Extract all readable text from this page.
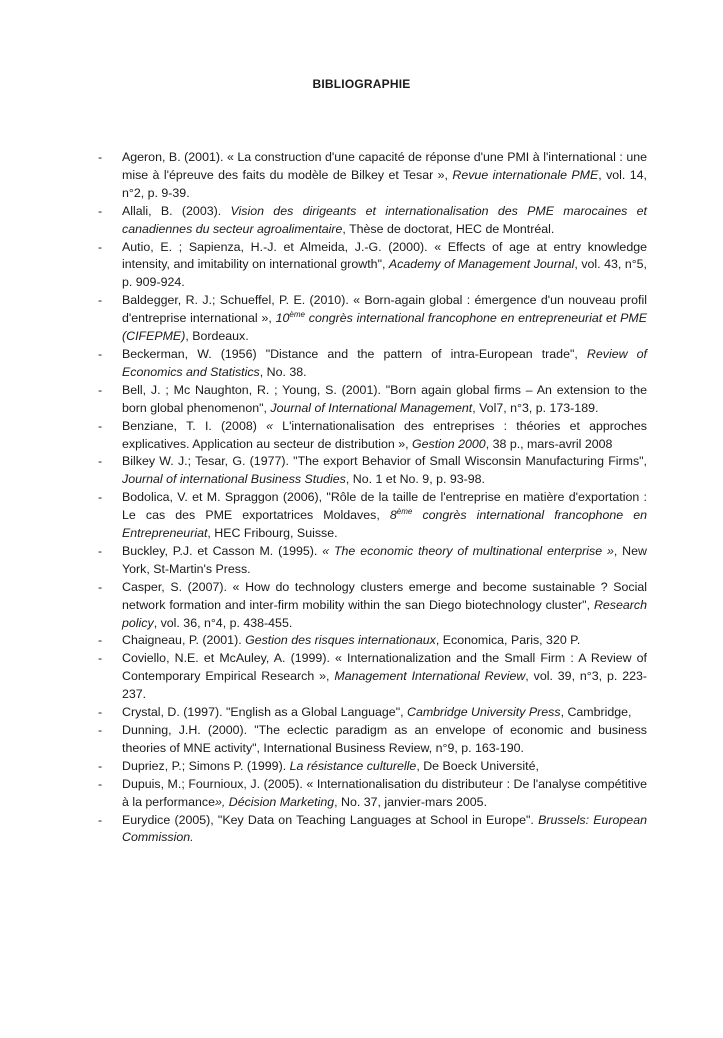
BIBLIOGRAPHIE
-	Ageron, B. (2001). « La construction d'une capacité de réponse d'une PMI à l'international : une mise à l'épreuve des faits du modèle de Bilkey et Tesar », Revue internationale PME, vol. 14, n°2, p. 9-39.
-	Allali, B. (2003). Vision des dirigeants et internationalisation des PME marocaines et canadiennes du secteur agroalimentaire, Thèse de doctorat, HEC de Montréal.
-	Autio, E. ; Sapienza, H.-J. et Almeida, J.-G. (2000). « Effects of age at entry knowledge intensity, and imitability on international growth", Academy of Management Journal, vol. 43, n°5, p. 909-924.
-	Baldegger, R. J.; Schueffel, P. E. (2010). « Born-again global : émergence d'un nouveau profil d'entreprise international », 10ème congrès international francophone en entrepreneuriat et PME (CIFEPME), Bordeaux.
-	Beckerman, W. (1956) "Distance and the pattern of intra-European trade", Review of Economics and Statistics, No. 38.
-	Bell, J. ; Mc Naughton, R. ; Young, S. (2001). "Born again global firms – An extension to the born global phenomenon", Journal of International Management, Vol7, n°3, p. 173-189.
-	Benziane, T. I. (2008) « L'internationalisation des entreprises : théories et approches explicatives. Application au secteur de distribution », Gestion 2000, 38 p., mars-avril 2008
-	Bilkey W. J.; Tesar, G. (1977). "The export Behavior of Small Wisconsin Manufacturing Firms", Journal of international Business Studies, No. 1 et No. 9, p. 93-98.
-	Bodolica, V. et M. Spraggon (2006), "Rôle de la taille de l'entreprise en matière d'exportation : Le cas des PME exportatrices Moldaves, 8ème congrès international francophone en Entrepreneuriat, HEC Fribourg, Suisse.
-	Buckley, P.J. et Casson M. (1995). « The economic theory of multinational enterprise », New York, St-Martin's Press.
-	Casper, S. (2007). « How do technology clusters emerge and become sustainable ? Social network formation and inter-firm mobility within the san Diego biotechnology cluster", Research policy, vol. 36, n°4, p. 438-455.
-	Chaigneau, P. (2001). Gestion des risques internationaux, Economica, Paris, 320 P.
-	Coviello, N.E. et McAuley, A. (1999). « Internationalization and the Small Firm : A Review of Contemporary Empirical Research », Management International Review, vol. 39, n°3, p. 223-237.
-	Crystal, D. (1997). "English as a Global Language", Cambridge University Press, Cambridge,
-	Dunning, J.H. (2000). "The eclectic paradigm as an envelope of economic and business theories of MNE activity", International Business Review, n°9, p. 163-190.
-	Dupriez, P.; Simons P. (1999). La résistance culturelle, De Boeck Université,
-	Dupuis, M.; Fournioux, J. (2005). « Internationalisation du distributeur : De l'analyse compétitive à la performance», Décision Marketing, No. 37, janvier-mars 2005.
-	Eurydice (2005), "Key Data on Teaching Languages at School in Europe". Brussels: European Commission.
